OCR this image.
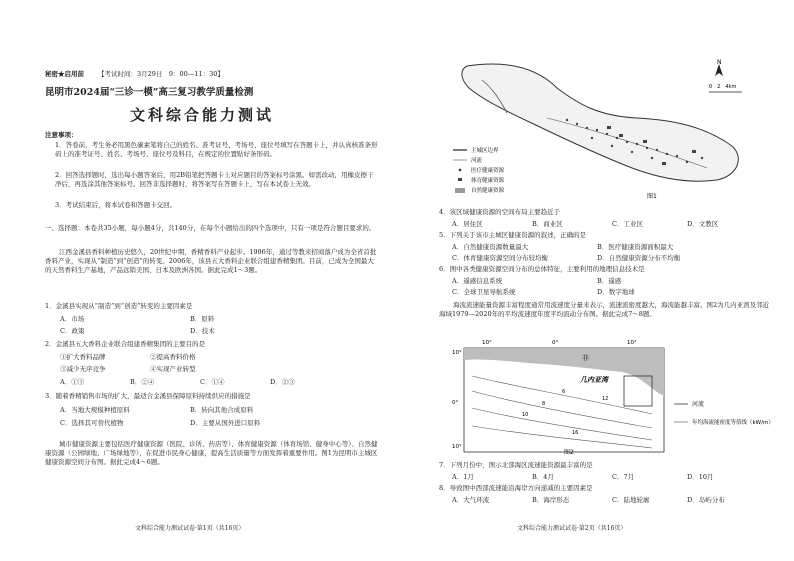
秘密★启用前 【考试时间：3月29日　9：00—11：30】
昆明市2024届“三诊一模”高三复习教学质量检测
文科综合能力测试
注意事项：
1．答卷前，考生务必用黑色碳素笔将自己的姓名、准考证号、考场号、座位号填写在答题卡上，并认真核准条形码上的准考证号、姓名、考场号、座位号及科目，在规定的位置贴好条形码。
2．回答选择题时，选出每小题答案后，用2B铅笔把答题卡上对应题目的答案标号涂黑。如需改动，用橡皮擦干净后，再选涂其他答案标号。回答非选择题时，将答案写在答题卡上，写在本试卷上无效。
3．考试结束后，将本试卷和答题卡交回。
一、选择题：本卷共35小题，每小题4分，共140分，在每个小题给出的四个选项中，只有一项是符合题目要求的。
江西金溪县香料种植历史悠久，20世纪中期，香精香料产业起步。1996年，通过等教来招商落户成为全省首批香料产业，实现从“制造”到“创造”的转变。2006年，该县五大香料企业联合组建香精集团。目前，已成为全国最大的天然香料生产基地，产品远销美国、日本及欧洲各国。据此完成1～3题。
1．金溪县实现从“制造”到“创造”转变的主要因素是
A．市场	B．原料
C．政策	D．技术
2．金溪县五大香料企业联合组建香精集团的主要目的是
①扩大香料品牌	②提高香料价格
③减少无序竞争	④实现产业转型
A．①③	B．②④	C．①④	D．②③
3．随着香精销售市场的扩大，最适合金溪县保障原料持续供应的措施是
A．当地大规模种植原料	B．转向其他合成原料
C．选择其可替代植物	D．主要从国外进口原料
城市健康资源主要包括医疗健康资源（医院、诊所、药店等）、体育健康资源（体育场馆、健身中心等）、自然健康资源（公园绿地、广场绿地等），在促进市民身心健康，提高生活质量等方面发挥着重要作用。图1为昆明市主城区健康资源空间分布图。据此完成4～6题。
文科综合能力测试试卷·第1页（共16页）
N
0　2　4km
主城区边界
河流
医疗健康资源
体育健康资源
自然健康资源
图1
4．该区域健康资源的空间布局主要趋近于
A．居住区	B．商业区	C．工业区	D．文教区
5．下列关于该市主城区健康资源的叙述，正确的是
A．自然健康资源数量最大	B．医疗健康资源面积最大
C．体育健康资源空间分布较均衡	D．自然健康资源分布不均衡
6．图中各类健康资源空间分布的总体特征，主要利用的地理信息技术是
A．遥感信息系统	B．遥感
C．全球卫星导航系统	D．数字地球
海流流速能量资源丰富程度通常用流速度分量来表示，流速流密度越大，海流能越丰富。图2为几内亚湾及邻近海域1979—2020年的平均流速度年度平均流动分布图。据此完成7～8题。
10°	0°	10°
10°
0°
10°
非
几内亚湾
6
8
10
12
16
图2
河流
年均海流能密度等值线（kW/m）
7．下列月份中，图示北部海区流速能资源最丰富的是
A．1月	B．4月	C．7月	D．10月
8．导致图中西部流速能沿海岸方向递减的主要因素是
A．大气环流	B．海岸形态	C．陆地轮廓	D．岛屿分布
文科综合能力测试试卷·第2页（共16页）
